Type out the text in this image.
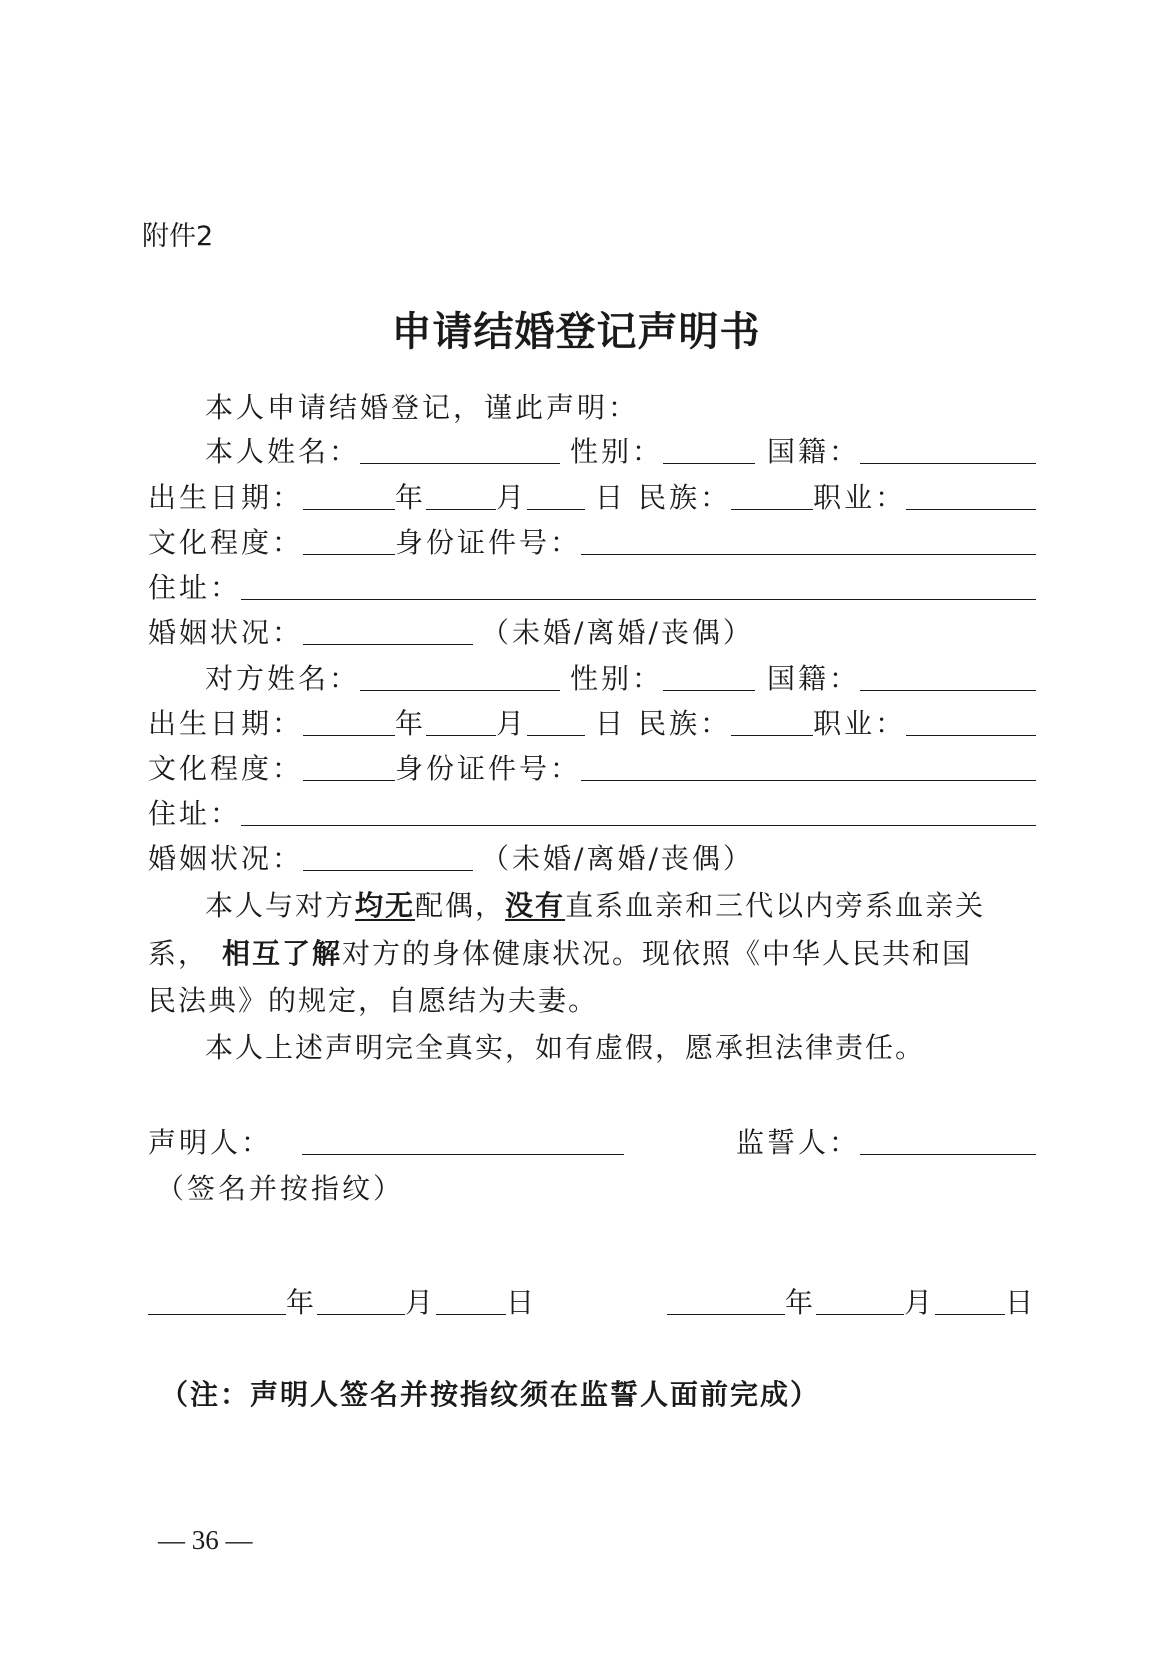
附件2
申请结婚登记声明书
本人申请结婚登记，谨此声明：
本人姓名：	性别：	国籍：
出生日期：	年	月 日 民族：	职业：
文化程度：	身份证件号：
住址：
婚姻状况：	（未婚/离婚/丧偶）
对方姓名：	性别：	国籍：
出生日期：	年	月 日 民族：	职业：
文化程度：	身份证件号：
住址：
婚姻状况：	（未婚/离婚/丧偶）
本人与对方 均无 配偶， 没有 直系血亲和三代以内旁系血亲关
系， 相互了解 对方的身体健康状况。现依照《中华人民共和国
民法典》的规定，自愿结为夫妻。
本人上述声明完全真实，如有虚假，愿承担法律责任。
声明人：	监誓人：
（签名并按指纹）
年	月	日	年	月	日
（注：声明人签名并按指纹须在监誓人面前完成）
— 36 —
